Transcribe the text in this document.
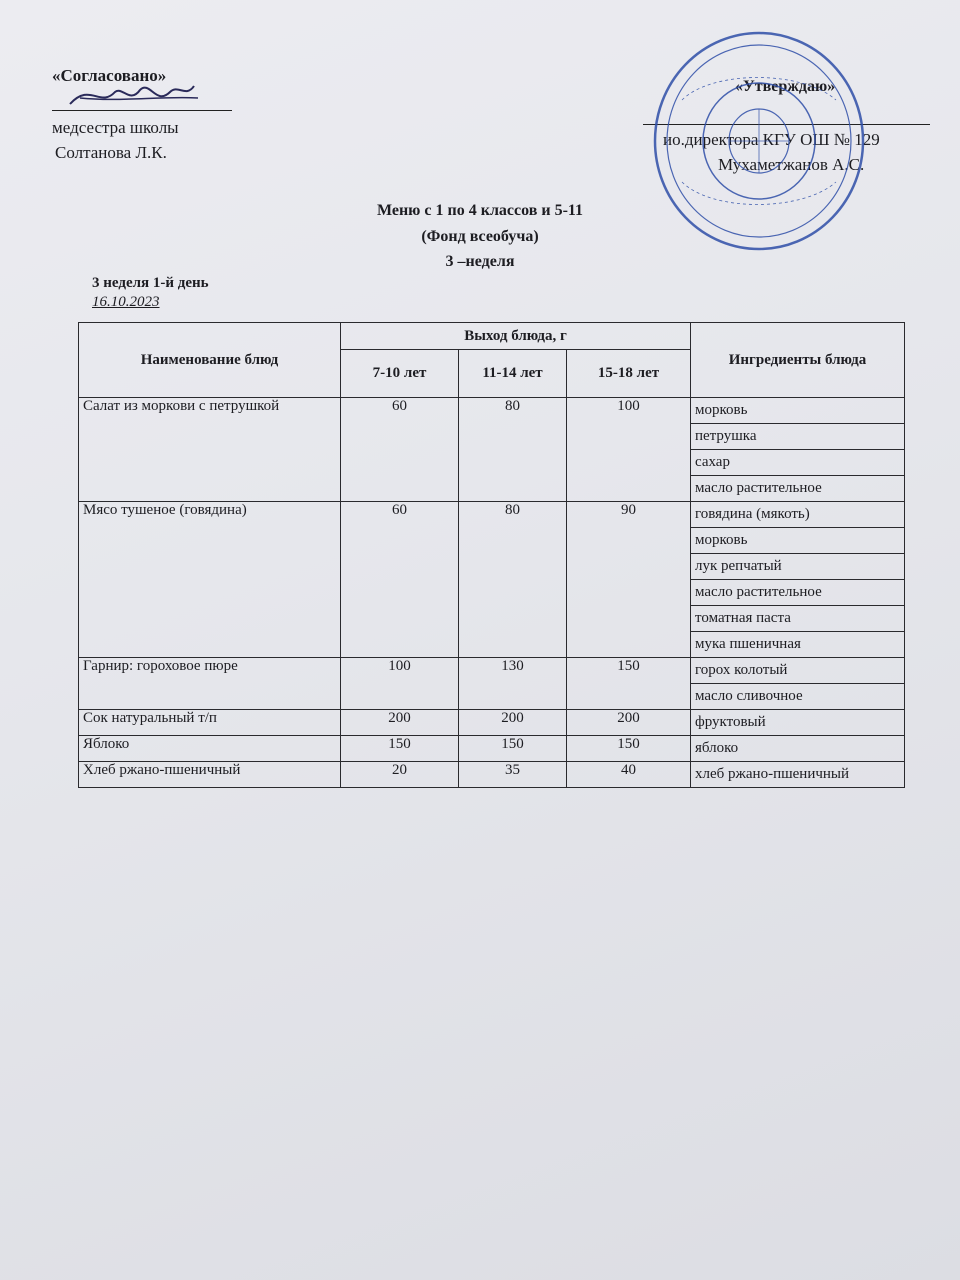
«Согласовано»
медсестра школы
Солтанова Л.К.
«Утверждаю»
ио.директора КГУ ОШ № 129
Мухаметжанов А.С.
Меню с 1 по 4 классов и 5-11
(Фонд всеобуча)
3 –неделя
3 неделя 1-й день
16.10.2023
Наименование блюд	Выход блюда, г			Ингредиенты блюда
	7-10 лет	11-14 лет	15-18 лет	
Салат из моркови с петрушкой	60	80	100	морковь
				петрушка
				сахар
				масло растительное
Мясо тушеное (говядина)	60	80	90	говядина (мякоть)
				морковь
				лук репчатый
				масло растительное
				томатная паста
				мука пшеничная
Гарнир: гороховое пюре	100	130	150	горох колотый
				масло сливочное
Сок натуральный т/п	200	200	200	фруктовый
Яблоко	150	150	150	яблоко
Хлеб ржано-пшеничный	20	35	40	хлеб ржано-пшеничный
